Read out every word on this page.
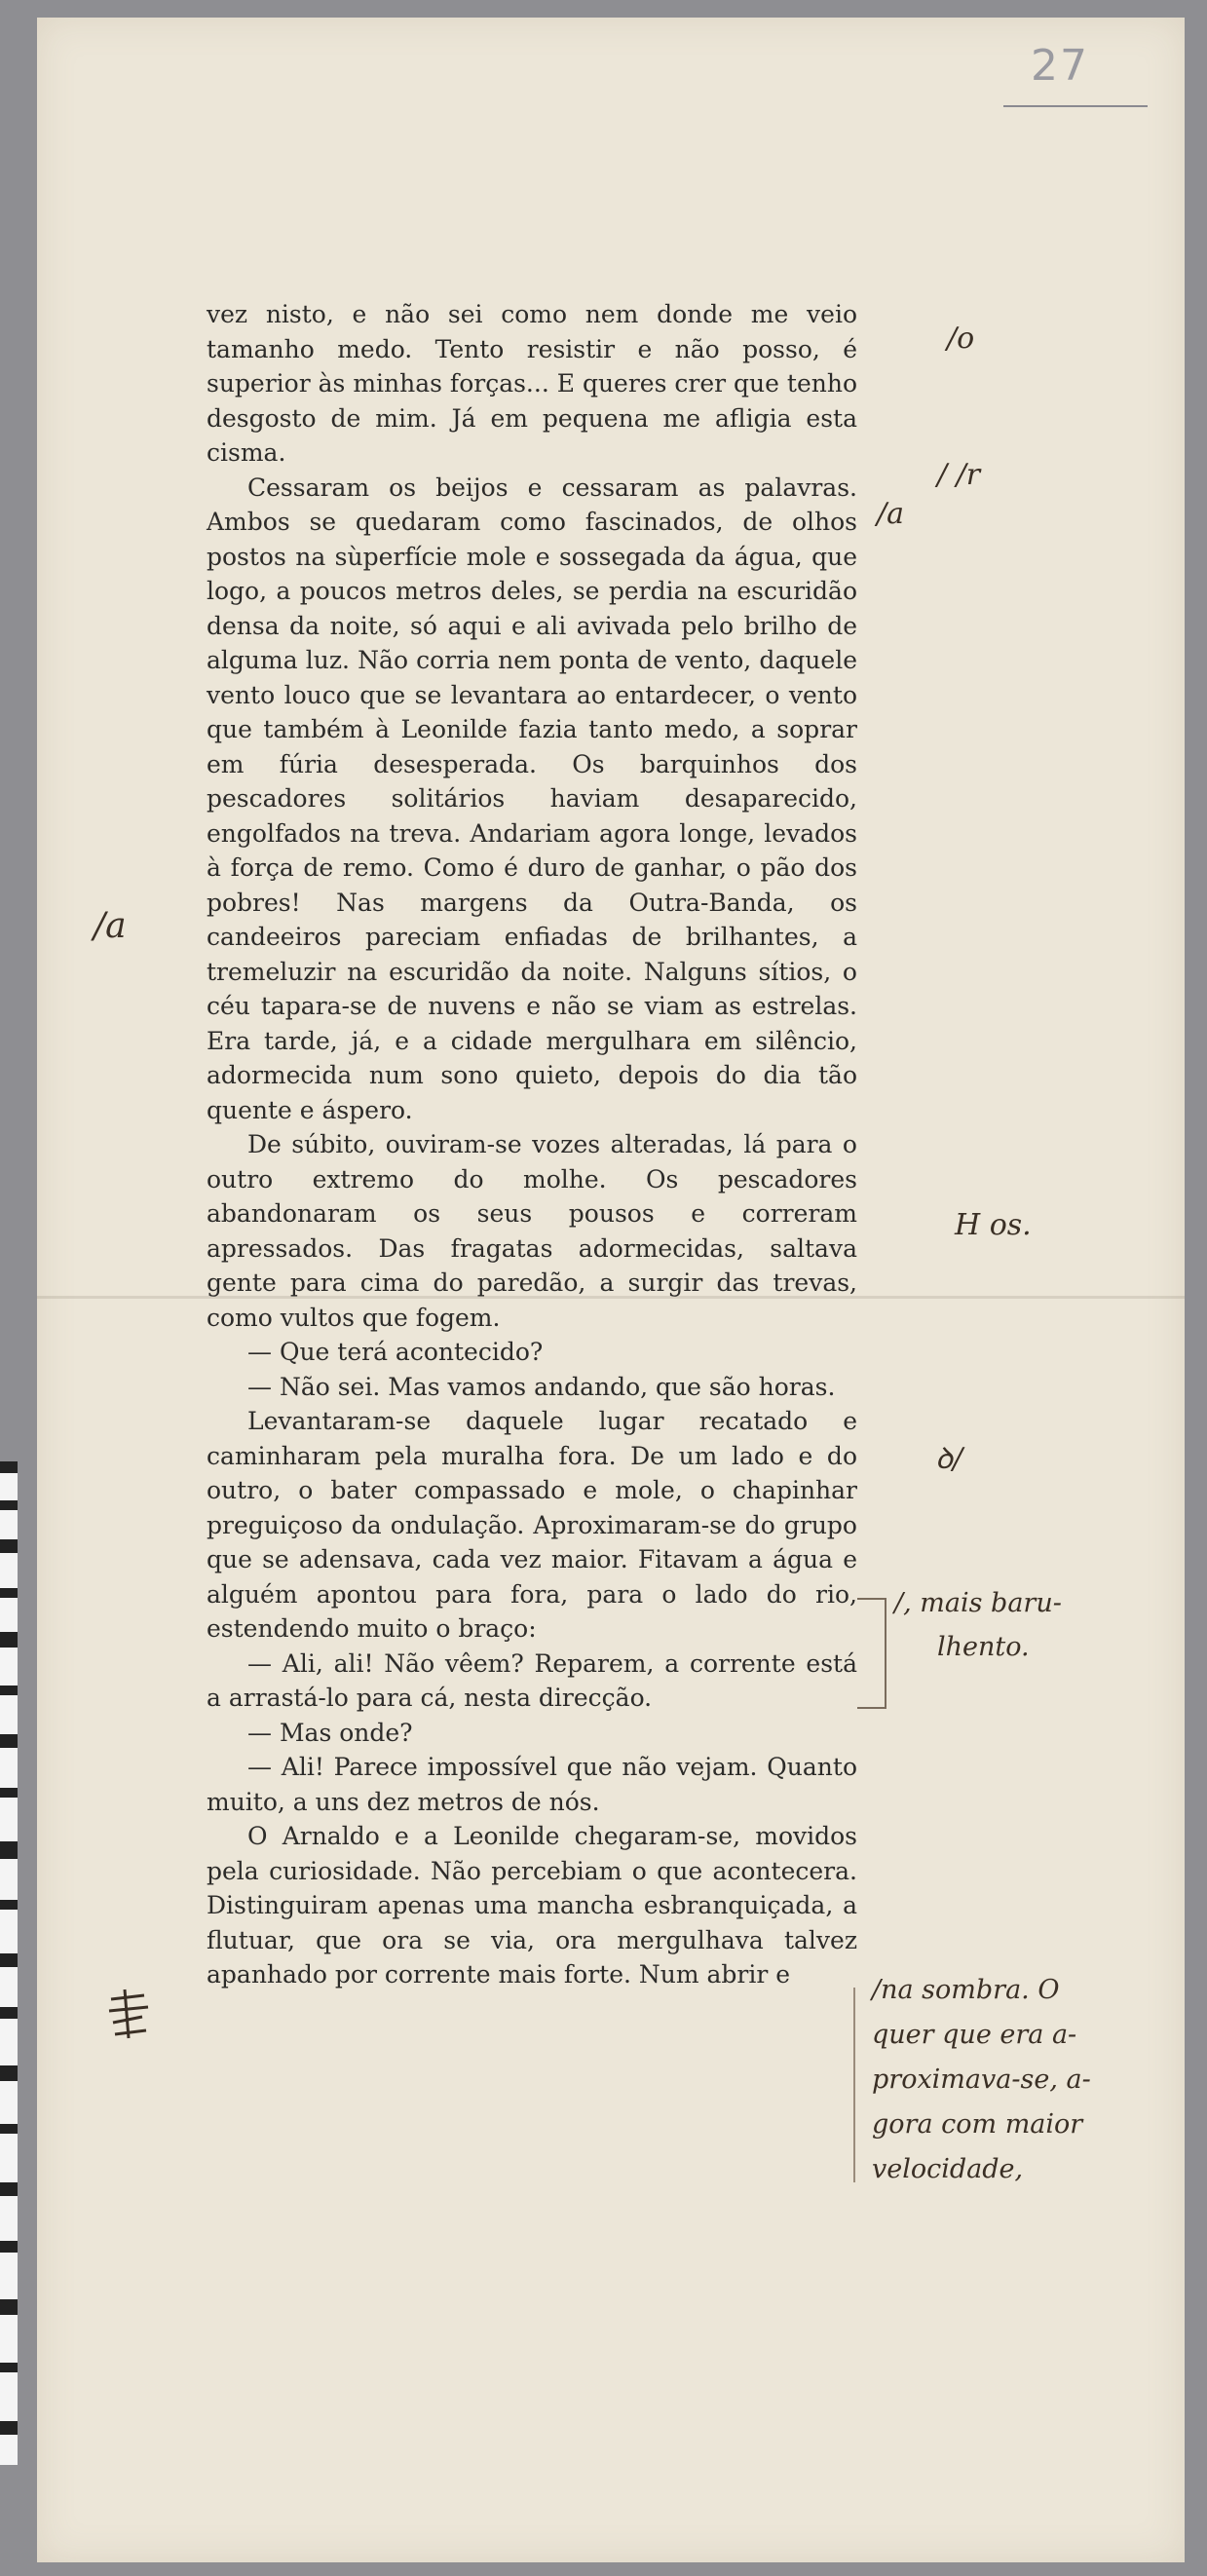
27

vez nisto, e não sei como nem donde me veio tamanho medo. Tento resistir e não posso, é superior às minhas forças... E queres crer que tenho desgosto de mim. Já em pequena me afligia esta cisma.

Cessaram os beijos e cessaram as palavras. Ambos se quedaram como fascinados, de olhos postos na sùperfície mole e sossegada da água, que logo, a poucos metros deles, se perdia na escuridão densa da noite, só aqui e ali avivada pelo brilho de alguma luz. Não corria nem ponta de vento, daquele vento louco que se levantara ao entardecer, o vento que também à Leonilde fazia tanto medo, a soprar em fúria desesperada. Os barquinhos dos pescadores solitários haviam desaparecido, engolfados na treva. Andariam agora longe, levados à força de remo. Como é duro de ganhar, o pão dos pobres! Nas margens da Outra-Banda, os candeeiros pareciam enfiadas de brilhantes, a tremeluzir na escuridão da noite. Nalguns sítios, o céu tapara-se de nuvens e não se viam as estrelas. Era tarde, já, e a cidade mergulhara em silêncio, adormecida num sono quieto, depois do dia tão quente e áspero.

De súbito, ouviram-se vozes alteradas, lá para o outro extremo do molhe. Os pescadores abandonaram os seus pousos e correram apressados. Das fragatas adormecidas, saltava gente para cima do paredão, a surgir das trevas, como vultos que fogem.

— Que terá acontecido?

— Não sei. Mas vamos andando, que são horas.

Levantaram-se daquele lugar recatado e caminharam pela muralha fora. De um lado e do outro, o bater compassado e mole, o chapinhar preguiçoso da ondulação. Aproximaram-se do grupo que se adensava, cada vez maior. Fitavam a água e alguém apontou para fora, para o lado do rio, estendendo muito o braço:

— Ali, ali! Não vêem? Reparem, a corrente está a arrastá-lo para cá, nesta direcção.

— Mas onde?

— Ali! Parece impossível que não vejam. Quanto muito, a uns dez metros de nós.

O Arnaldo e a Leonilde chegaram-se, movidos pela curiosidade. Não percebiam o que acontecera. Distinguiram apenas uma mancha esbranquiçada, a flutuar, que ora se via, ora mergulhava talvez apanhado por corrente mais forte. Num abrir e

/o
/ /r
/a
/a
H os.
ꝺ/
/, mais baru-
lhento.
/na sombra. O
quer que era a-
proximava-se, a-
gora com maior
velocidade,
